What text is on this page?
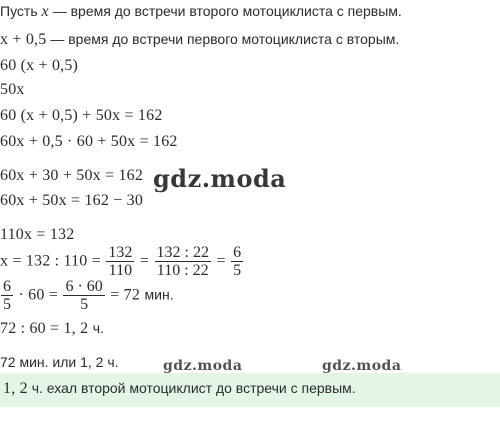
Пусть x — время до встречи второго мотоциклиста с первым.
x + 0,5 — время до встречи первого мотоциклиста с вторым.
60 (x + 0,5)
50x
60 (x + 0,5) + 50x = 162
60x + 0,5 · 60 + 50x = 162
60x + 30 + 50x = 162
60x + 50x = 162 − 30
110x = 132
x = 132 : $110 = \frac{132}{110} = \frac{132 : 22}{110 : 22} = \frac{6}{5}$
$\frac{6}{5} \cdot 60 = \frac{6 \cdot 60}{5} = 72$ мин.
72 : 60 = 1, 2 ч.
72 мин. или 1, 2 ч.
1, 2 ч. ехал второй мотоциклист до встречи с первым.
gdz.moda
gdz.moda	gdz.moda
